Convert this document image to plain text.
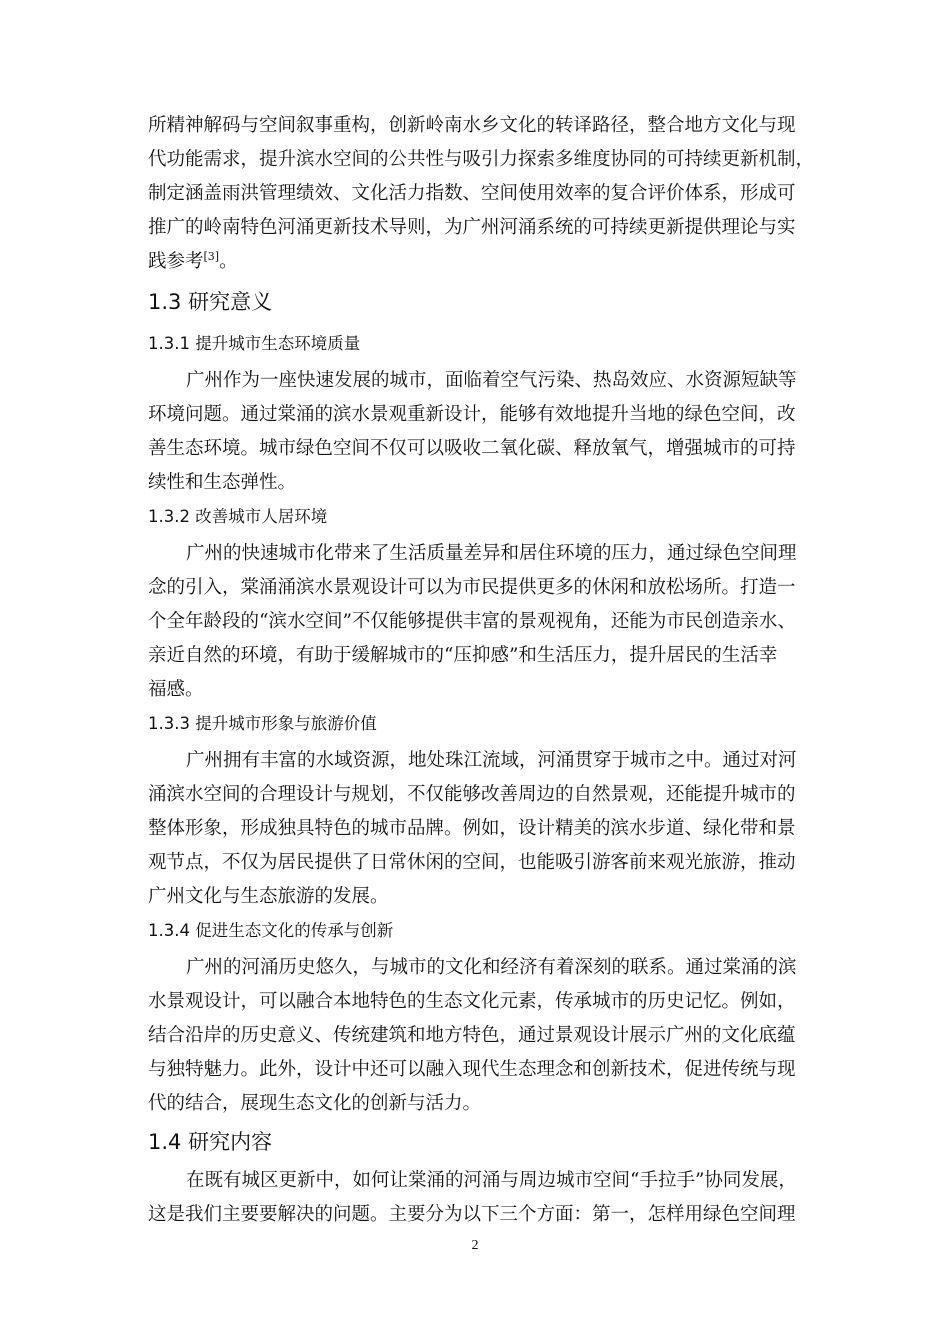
所精神解码与空间叙事重构，创新岭南水乡文化的转译路径，整合地方文化与现
代功能需求，提升滨水空间的公共性与吸引力探索多维度协同的可持续更新机制，
制定涵盖雨洪管理绩效、文化活力指数、空间使用效率的复合评价体系，形成可
推广的岭南特色河涌更新技术导则，为广州河涌系统的可持续更新提供理论与实
践参考[3]。
1.3 研究意义
1.3.1 提升城市生态环境质量
广州作为一座快速发展的城市，面临着空气污染、热岛效应、水资源短缺等
环境问题。通过棠涌的滨水景观重新设计，能够有效地提升当地的绿色空间，改
善生态环境。城市绿色空间不仅可以吸收二氧化碳、释放氧气，增强城市的可持
续性和生态弹性。
1.3.2 改善城市人居环境
广州的快速城市化带来了生活质量差异和居住环境的压力，通过绿色空间理
念的引入，棠涌涌滨水景观设计可以为市民提供更多的休闲和放松场所。打造一
个全年龄段的“滨水空间”不仅能够提供丰富的景观视角，还能为市民创造亲水、
亲近自然的环境，有助于缓解城市的“压抑感”和生活压力，提升居民的生活幸
福感。
1.3.3 提升城市形象与旅游价值
广州拥有丰富的水域资源，地处珠江流域，河涌贯穿于城市之中。通过对河
涌滨水空间的合理设计与规划，不仅能够改善周边的自然景观，还能提升城市的
整体形象，形成独具特色的城市品牌。例如，设计精美的滨水步道、绿化带和景
观节点，不仅为居民提供了日常休闲的空间，也能吸引游客前来观光旅游，推动
广州文化与生态旅游的发展。
1.3.4 促进生态文化的传承与创新
广州的河涌历史悠久，与城市的文化和经济有着深刻的联系。通过棠涌的滨
水景观设计，可以融合本地特色的生态文化元素，传承城市的历史记忆。例如，
结合沿岸的历史意义、传统建筑和地方特色，通过景观设计展示广州的文化底蕴
与独特魅力。此外，设计中还可以融入现代生态理念和创新技术，促进传统与现
代的结合，展现生态文化的创新与活力。
1.4 研究内容
在既有城区更新中，如何让棠涌的河涌与周边城市空间“手拉手”协同发展，
这是我们主要要解决的问题。主要分为以下三个方面：第一，怎样用绿色空间理
2
